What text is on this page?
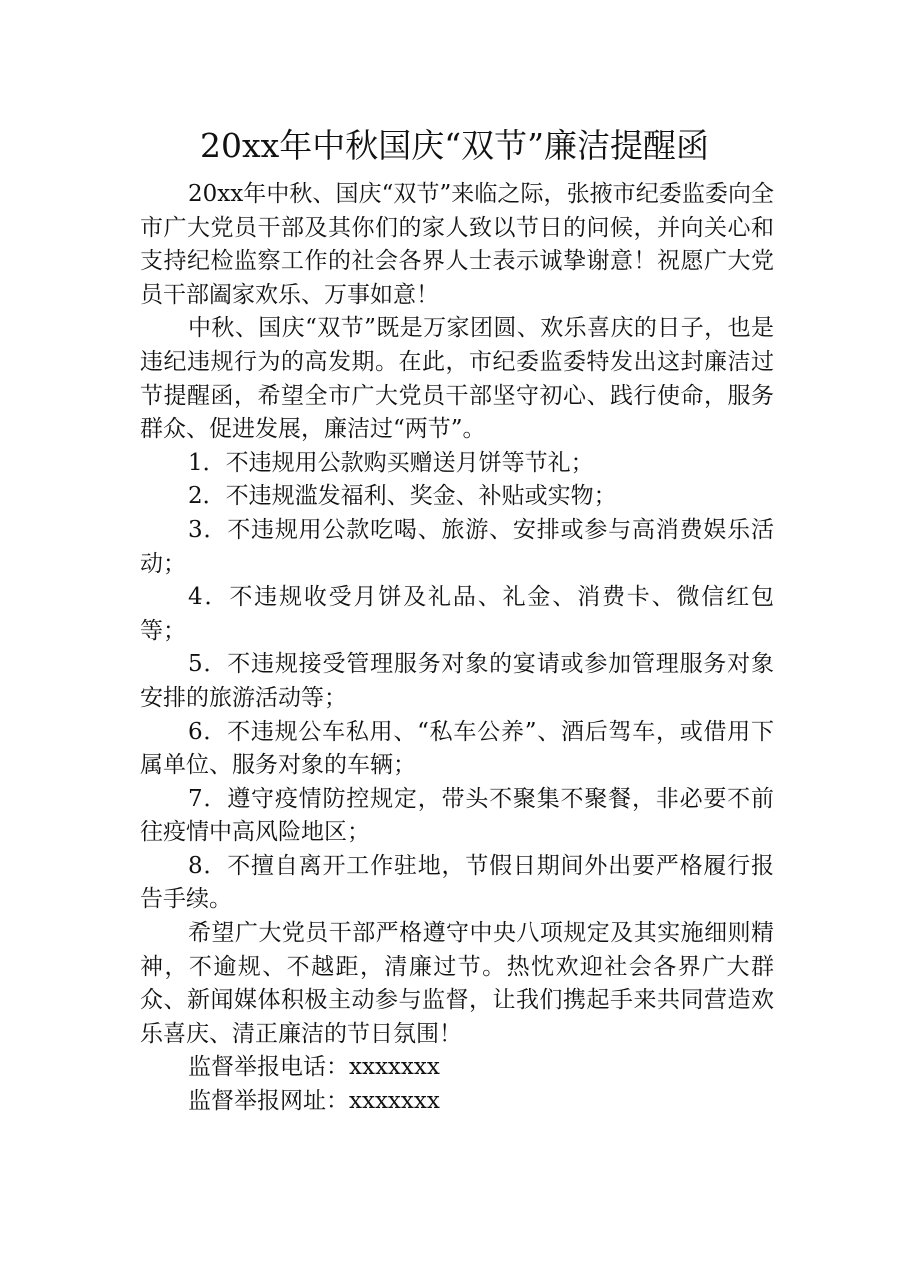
20xx年中秋国庆“双节”廉洁提醒函

20xx年中秋、国庆“双节”来临之际，张掖市纪委监委向全市广大党员干部及其你们的家人致以节日的问候，并向关心和支持纪检监察工作的社会各界人士表示诚挚谢意！祝愿广大党员干部阖家欢乐、万事如意！

中秋、国庆“双节”既是万家团圆、欢乐喜庆的日子，也是违纪违规行为的高发期。在此，市纪委监委特发出这封廉洁过节提醒函，希望全市广大党员干部坚守初心、践行使命，服务群众、促进发展，廉洁过“两节”。

1．不违规用公款购买赠送月饼等节礼；

2．不违规滥发福利、奖金、补贴或实物；

3．不违规用公款吃喝、旅游、安排或参与高消费娱乐活动；

4．不违规收受月饼及礼品、礼金、消费卡、微信红包等；

5．不违规接受管理服务对象的宴请或参加管理服务对象安排的旅游活动等；

6．不违规公车私用、“私车公养”、酒后驾车，或借用下属单位、服务对象的车辆；

7．遵守疫情防控规定，带头不聚集不聚餐，非必要不前往疫情中高风险地区；

8．不擅自离开工作驻地，节假日期间外出要严格履行报告手续。

希望广大党员干部严格遵守中央八项规定及其实施细则精神，不逾规、不越距，清廉过节。热忱欢迎社会各界广大群众、新闻媒体积极主动参与监督，让我们携起手来共同营造欢乐喜庆、清正廉洁的节日氛围！

监督举报电话：xxxxxxx

监督举报网址：xxxxxxx
